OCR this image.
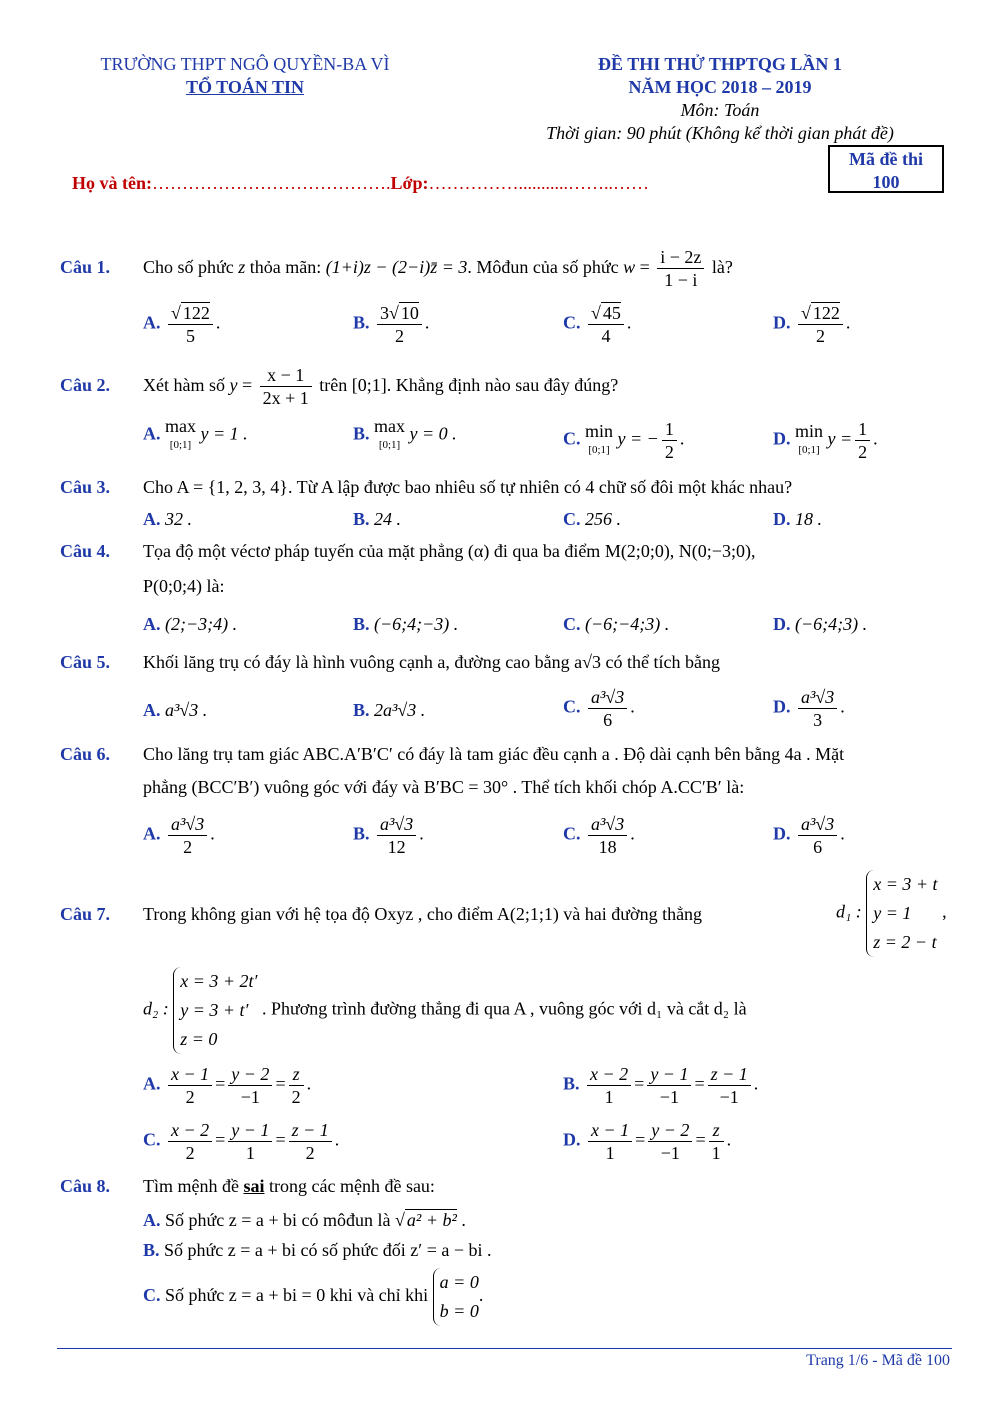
TRƯỜNG THPT NGÔ QUYỀN-BA VÌ
TỔ TOÁN TIN
ĐỀ THI THỬ THPTQG LẦN 1
NĂM HỌC 2018 – 2019
Môn: Toán
Thời gian: 90 phút (Không kể thời gian phát đề)
Mã đề thi
100
Họ và tên:………………………………….Lớp:……………...........……..……
Câu 1. Cho số phức z thỏa mãn: (1+i)z − (2−i)z̄ = 3. Môđun của số phức $w = \frac{i - 2z}{1 - i}$ là?
A. $\frac{√ 122}{5}$ .	B. $\frac{3√ 10}{2}$ .	C. $\frac{√ 45}{4}$ .	D. $\frac{√ 122}{2}$ .
Câu 2. Xét hàm số $y = \frac{x - 1}{2x + 1}$ trên [0;1]. Khẳng định nào sau đây đúng?
A. max
[0;1] y = 1 .	B. max
[0;1] y = 0 .	C. min
[0;1] y = − $\frac{1}{2}$ .	D. min
[0;1] $y = \frac{1}{2}$ .
Câu 3. Cho A = {1, 2, 3, 4}. Từ A lập được bao nhiêu số tự nhiên có 4 chữ số đôi một khác nhau?
A. 32 .	B. 24 .	C. 256 .	D. 18 .
Câu 4. Tọa độ một véctơ pháp tuyến của mặt phẳng (α) đi qua ba điểm M(2;0;0), N(0;−3;0),
P(0;0;4) là:
A. (2;−3;4) .	B. (−6;4;−3) .	C. (−6;−4;3) .	D. (−6;4;3) .
Câu 5. Khối lăng trụ có đáy là hình vuông cạnh a, đường cao bằng a√3 có thể tích bằng
A. a³√3 .	B. 2a³√3 .	C. $\frac{\text{a³√3}}{6}$ .	D. $\frac{\text{a³√3}}{3}$ .
Câu 6. Cho lăng trụ tam giác ABC.A′B′C′ có đáy là tam giác đều cạnh a . Độ dài cạnh bên bằng 4a . Mặt
phẳng (BCC′B′) vuông góc với đáy và B′BC = 30° . Thể tích khối chóp A.CC′B′ là:
A. $\frac{\text{a³√3}}{2}$ .	B. $\frac{\text{a³√3}}{12}$ .	C. $\frac{\text{a³√3}}{18}$ .	D. $\frac{\text{a³√3}}{6}$ .
Câu 7. Trong không gian với hệ tọa độ Oxyz , cho điểm A(2;1;1) và hai đường thẳng	d₁ :
x = 3 + t
y = 1
z = 2 − t
,
d₂ :
x = 3 + 2t′
y = 3 + t′
z = 0
. Phương trình đường thẳng đi qua A , vuông góc với d₁ và cắt d₂ là
A. $\frac{x - 1}{2} = \frac{y - 2}{-1} = \frac{z}{2}$ .	B. $\frac{x - 2}{1} = \frac{y - 1}{-1} = \frac{z - 1}{-1}$ .
C. $\frac{x - 2}{2} = \frac{y - 1}{1} = \frac{z - 1}{2}$ .	D. $\frac{x - 1}{1} = \frac{y - 2}{-1} = \frac{z}{1}$ .
Câu 8. Tìm mệnh đề sai trong các mệnh đề sau:
A. Số phức z = a + bi có môđun là √ a² + b² .
B. Số phức z = a + bi có số phức đối z′ = a − bi .
C. Số phức z = a + bi = 0 khi và chỉ khi
a = 0
b = 0
.
Trang 1/6 - Mã đề 100
